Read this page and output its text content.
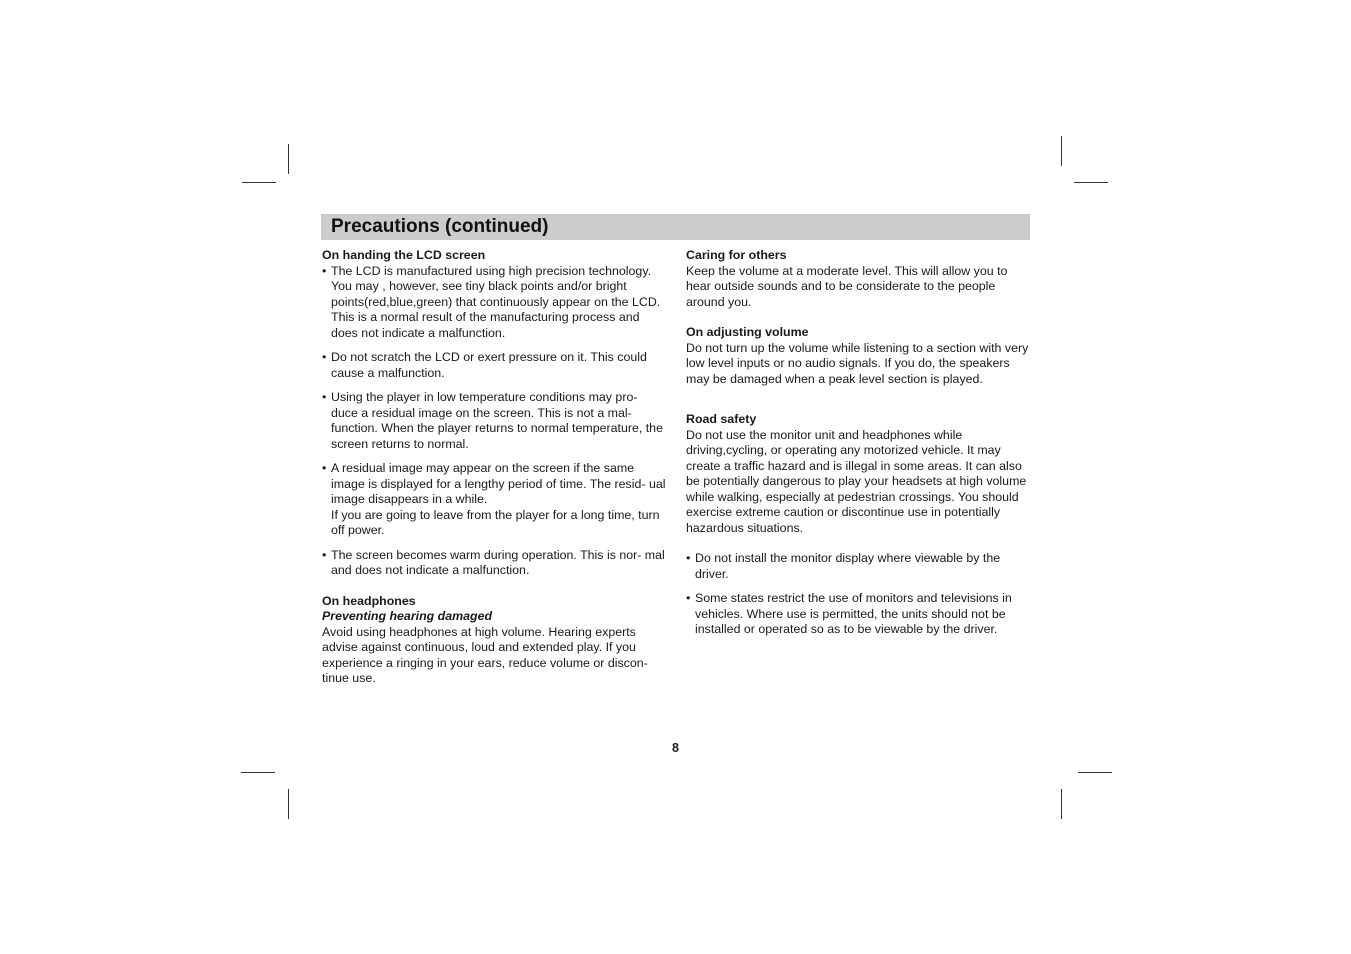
Precautions (continued)

On handing the LCD screen

• The LCD is manufactured using high precision technology. You may , however, see tiny black points and/or bright points(red,blue,green) that continuously appear on the LCD. This is a normal result of the manufacturing process and does not indicate a malfunction.
• Do not scratch the LCD or exert pressure on it. This could cause a malfunction.
• Using the player in low temperature conditions may pro- duce a residual image on the screen. This is not a mal- function. When the player returns to normal temperature, the screen returns to normal.
• A residual image may appear on the screen if the same image is displayed for a lengthy period of time. The resid- ual image disappears in a while.
If you are going to leave from the player for a long time, turn off power.
• The screen becomes warm during operation. This is nor- mal and does not indicate a malfunction.

On headphones

Preventing hearing damaged

Avoid using headphones at high volume. Hearing experts advise against continuous, loud and extended play. If you experience a ringing in your ears, reduce volume or discon- tinue use.

Caring for others

Keep the volume at a moderate level. This will allow you to hear outside sounds and to be considerate to the people around you.

On adjusting volume

Do not turn up the volume while listening to a section with very low level inputs or no audio signals. If you do, the speakers may be damaged when a peak level section is played.

Road safety

Do not use the monitor unit and headphones while driving,cycling, or operating any motorized vehicle. It may create a traffic hazard and is illegal in some areas. It can also be potentially dangerous to play your headsets at high volume while walking, especially at pedestrian crossings. You should exercise extreme caution or discontinue use in potentially hazardous situations.

• Do not install the monitor display where viewable by the driver.
• Some states restrict the use of monitors and televisions in vehicles. Where use is permitted, the units should not be installed or operated so as to be viewable by the driver.
8
